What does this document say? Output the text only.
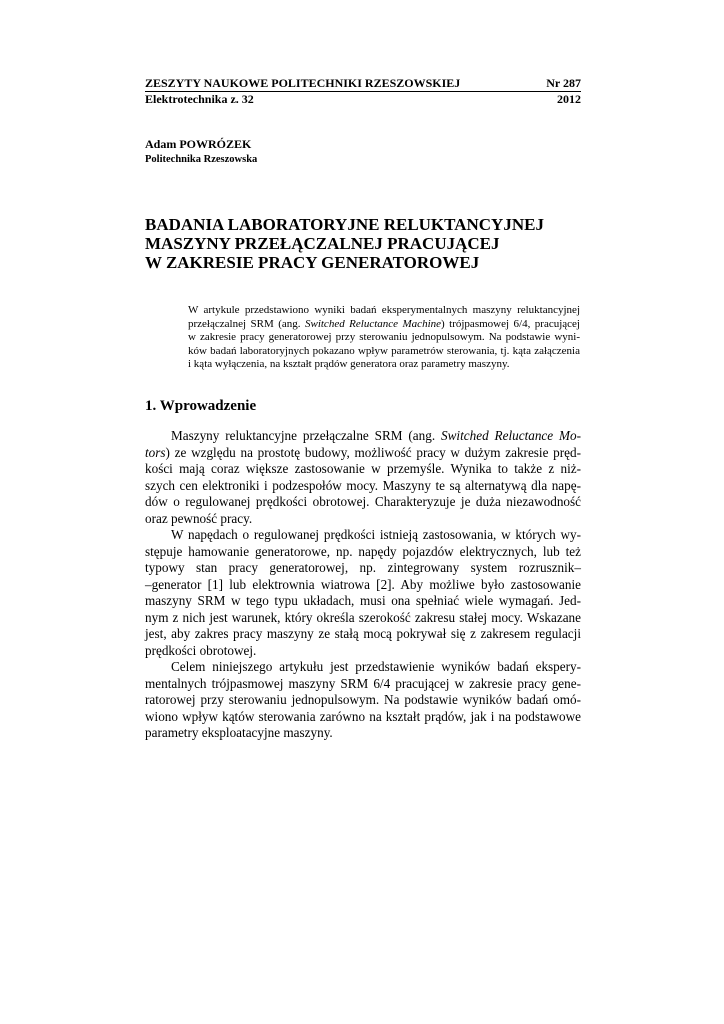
ZESZYTY NAUKOWE POLITECHNIKI RZESZOWSKIEJ	Nr 287
Elektrotechnika z. 32	2012
Adam POWRÓZEK
Politechnika Rzeszowska
BADANIA LABORATORYJNE RELUKTANCYJNEJ
MASZYNY PRZEŁĄCZALNEJ PRACUJĄCEJ
W ZAKRESIE PRACY GENERATOROWEJ
W artykule przedstawiono wyniki badań eksperymentalnych maszyny reluktancyjnej
przełączalnej SRM (ang. Switched Reluctance Machine) trójpasmowej 6/4, pracującej
w zakresie pracy generatorowej przy sterowaniu jednopulsowym. Na podstawie wyni-
ków badań laboratoryjnych pokazano wpływ parametrów sterowania, tj. kąta załączenia
i kąta wyłączenia, na kształt prądów generatora oraz parametry maszyny.
1. Wprowadzenie
Maszyny reluktancyjne przełączalne SRM (ang. Switched Reluctance Mo-
tors) ze względu na prostotę budowy, możliwość pracy w dużym zakresie pręd-
kości mają coraz większe zastosowanie w przemyśle. Wynika to także z niż-
szych cen elektroniki i podzespołów mocy. Maszyny te są alternatywą dla napę-
dów o regulowanej prędkości obrotowej. Charakteryzuje je duża niezawodność
oraz pewność pracy.
W napędach o regulowanej prędkości istnieją zastosowania, w których wy-
stępuje hamowanie generatorowe, np. napędy pojazdów elektrycznych, lub też
typowy stan pracy generatorowej, np. zintegrowany system rozrusznik–
–generator [1] lub elektrownia wiatrowa [2]. Aby możliwe było zastosowanie
maszyny SRM w tego typu układach, musi ona spełniać wiele wymagań. Jed-
nym z nich jest warunek, który określa szerokość zakresu stałej mocy. Wskazane
jest, aby zakres pracy maszyny ze stałą mocą pokrywał się z zakresem regulacji
prędkości obrotowej.
Celem niniejszego artykułu jest przedstawienie wyników badań ekspery-
mentalnych trójpasmowej maszyny SRM 6/4 pracującej w zakresie pracy gene-
ratorowej przy sterowaniu jednopulsowym. Na podstawie wyników badań omó-
wiono wpływ kątów sterowania zarówno na kształt prądów, jak i na podstawowe
parametry eksploatacyjne maszyny.
